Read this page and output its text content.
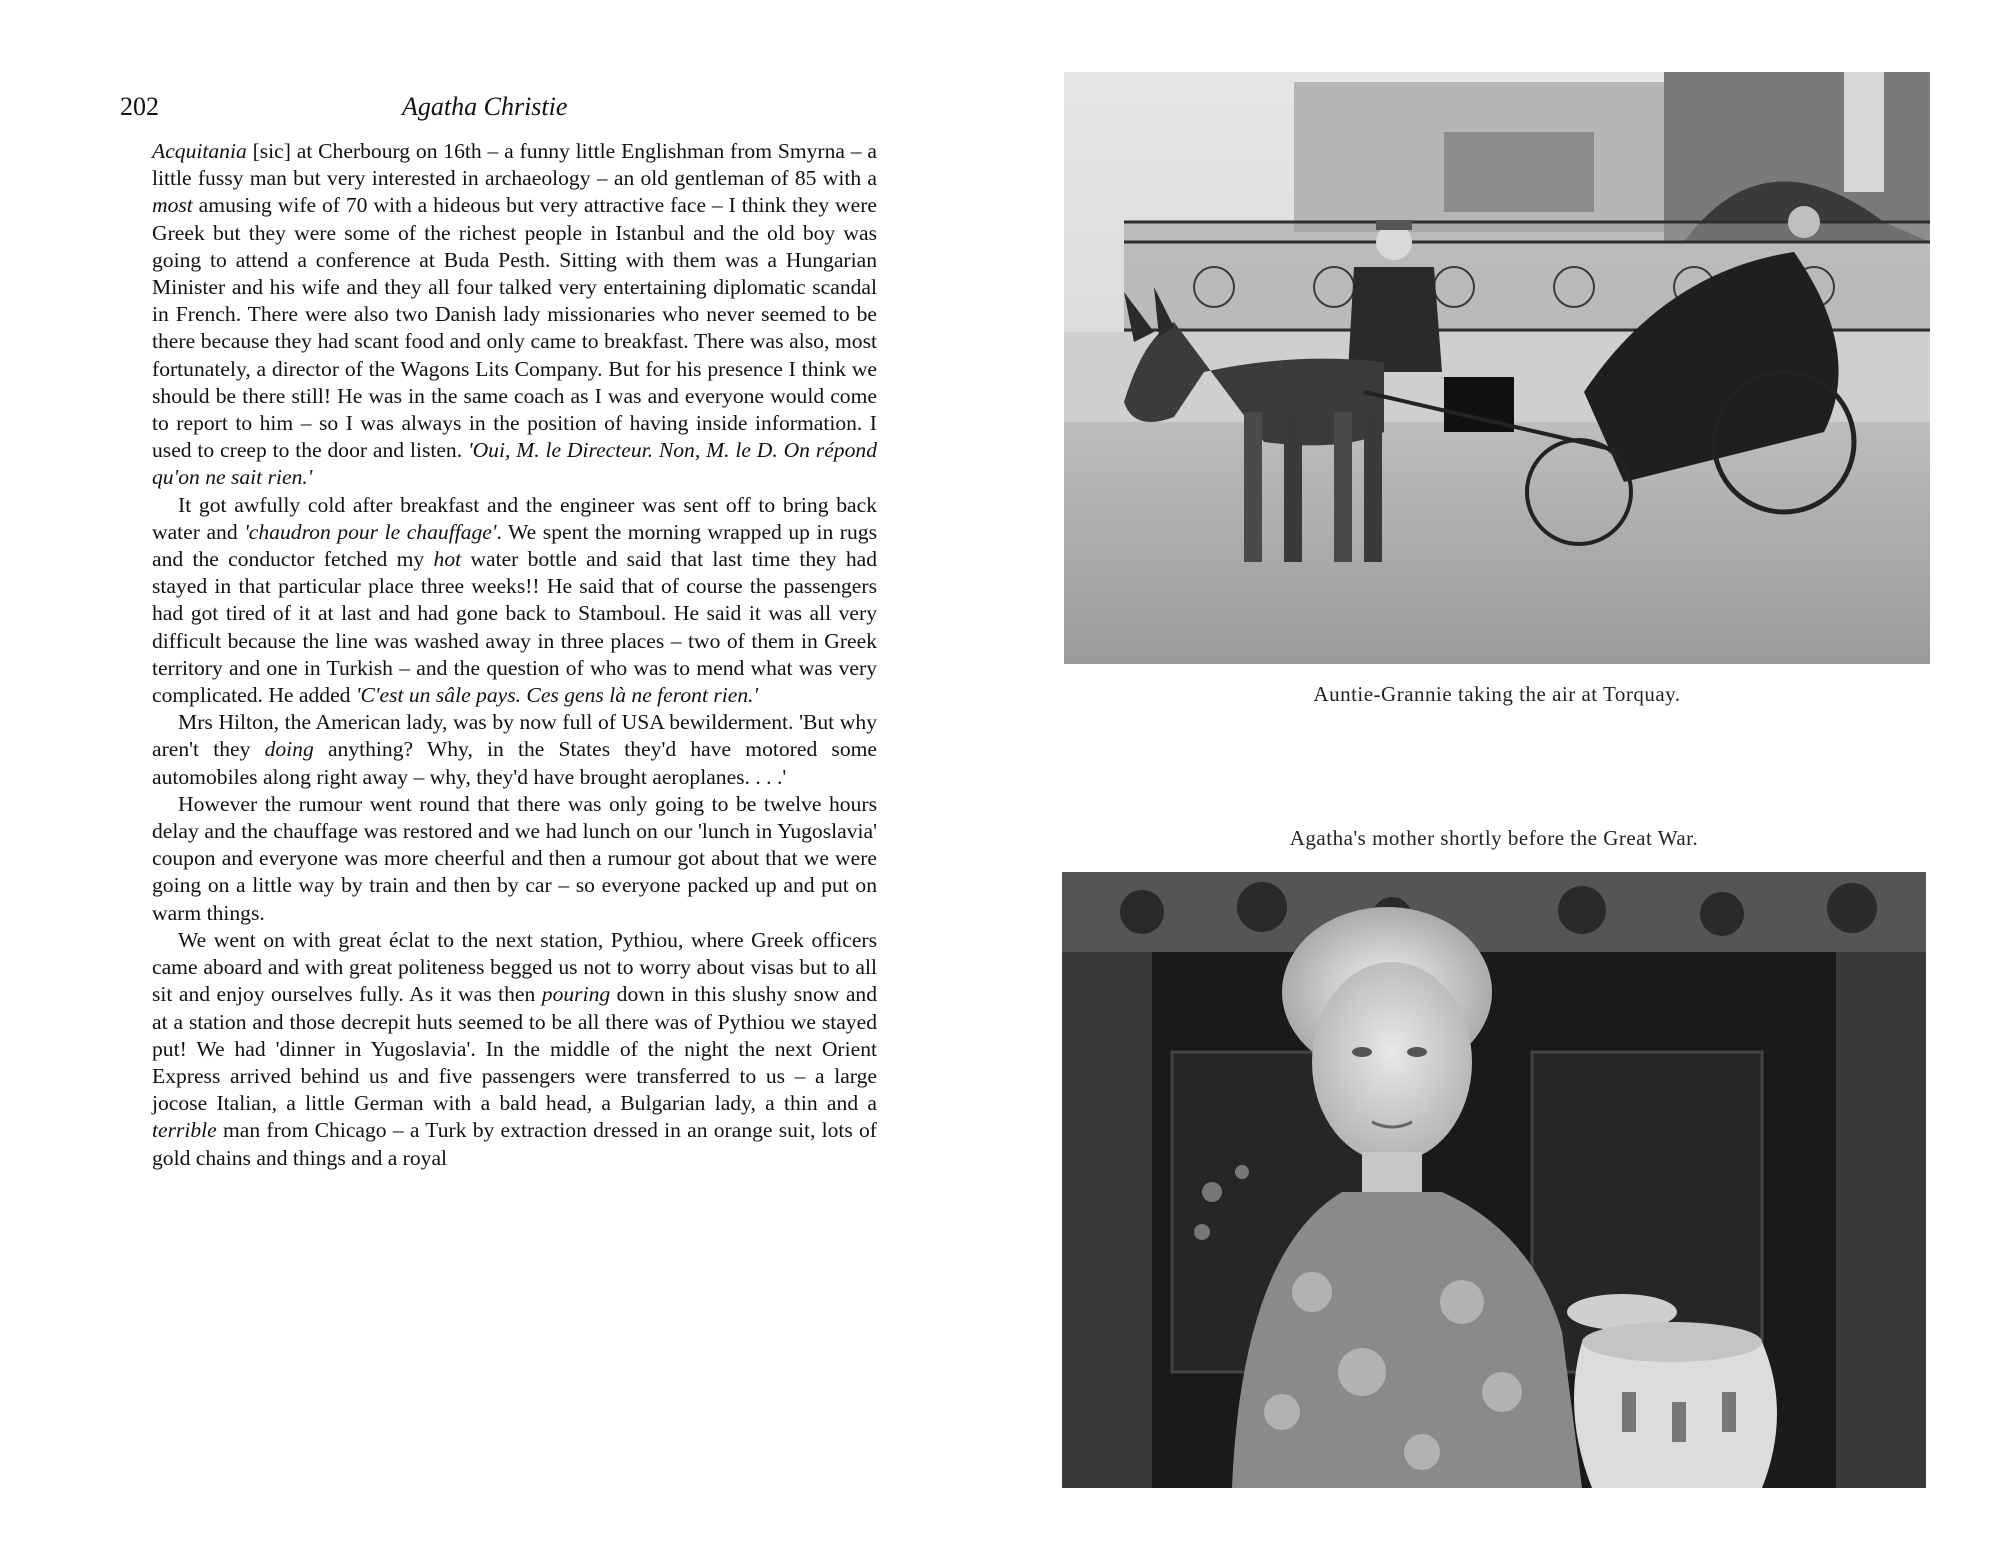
202	Agatha Christie

Acquitania [sic] at Cherbourg on 16th – a funny little Englishman from Smyrna – a little fussy man but very interested in archaeology – an old gentleman of 85 with a most amusing wife of 70 with a hideous but very attractive face – I think they were Greek but they were some of the richest people in Istanbul and the old boy was going to attend a conference at Buda Pesth. Sitting with them was a Hungarian Minister and his wife and they all four talked very entertaining diplomatic scandal in French. There were also two Danish lady missionaries who never seemed to be there because they had scant food and only came to breakfast. There was also, most fortunately, a director of the Wagons Lits Company. But for his presence I think we should be there still! He was in the same coach as I was and everyone would come to report to him – so I was always in the position of having inside information. I used to creep to the door and listen. 'Oui, M. le Directeur. Non, M. le D. On répond qu'on ne sait rien.'

It got awfully cold after breakfast and the engineer was sent off to bring back water and 'chaudron pour le chauffage'. We spent the morning wrapped up in rugs and the conductor fetched my hot water bottle and said that last time they had stayed in that particular place three weeks!! He said that of course the passengers had got tired of it at last and had gone back to Stamboul. He said it was all very difficult because the line was washed away in three places – two of them in Greek territory and one in Turkish – and the question of who was to mend what was very complicated. He added 'C'est un sâle pays. Ces gens là ne feront rien.'

Mrs Hilton, the American lady, was by now full of USA bewilderment. 'But why aren't they doing anything? Why, in the States they'd have motored some automobiles along right away – why, they'd have brought aeroplanes. . . .'

However the rumour went round that there was only going to be twelve hours delay and the chauffage was restored and we had lunch on our 'lunch in Yugoslavia' coupon and everyone was more cheerful and then a rumour got about that we were going on a little way by train and then by car – so everyone packed up and put on warm things.

We went on with great éclat to the next station, Pythiou, where Greek officers came aboard and with great politeness begged us not to worry about visas but to all sit and enjoy ourselves fully. As it was then pouring down in this slushy snow and at a station and those decrepit huts seemed to be all there was of Pythiou we stayed put! We had 'dinner in Yugoslavia'. In the middle of the night the next Orient Express arrived behind us and five passengers were transferred to us – a large jocose Italian, a little German with a bald head, a Bulgarian lady, a thin and a terrible man from Chicago – a Turk by extraction dressed in an orange suit, lots of gold chains and things and a royal

Auntie-Grannie taking the air at Torquay.
Agatha's mother shortly before the Great War.
